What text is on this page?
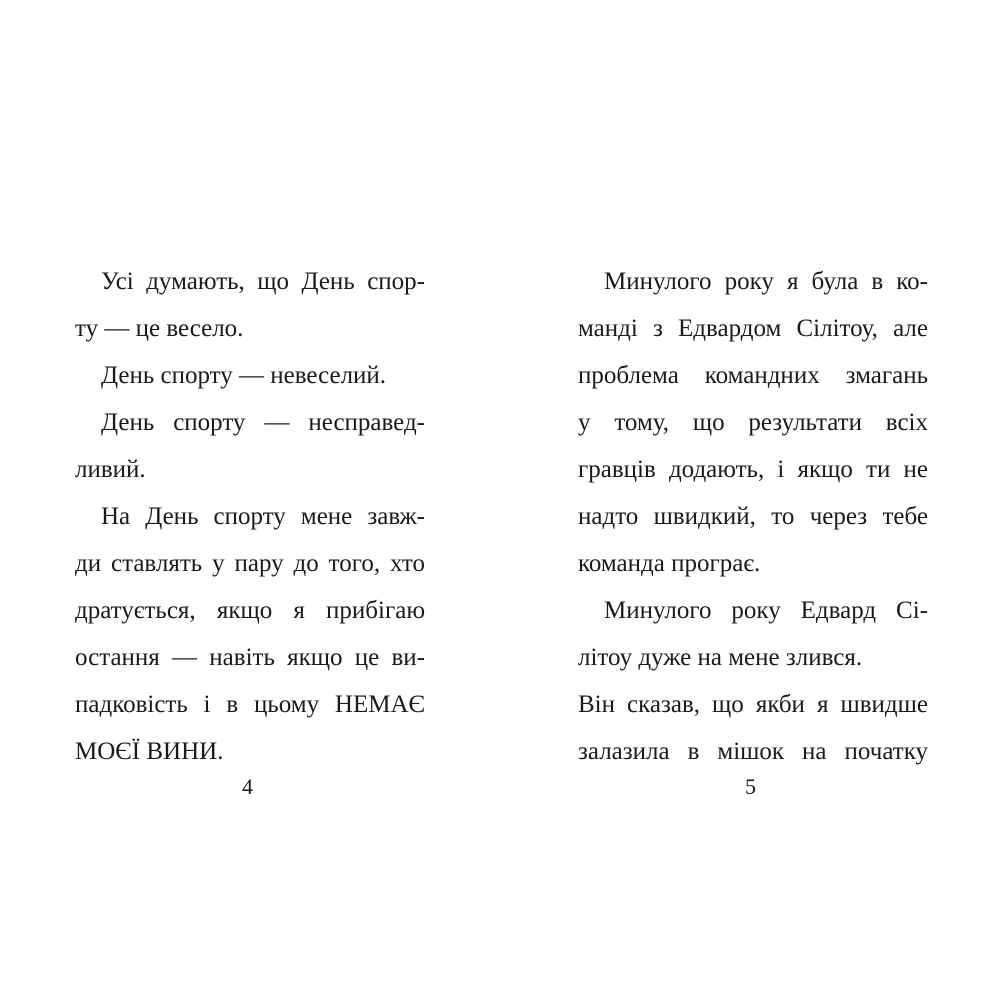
Усі думають, що День спор-
ту — це весело.
День спорту — невеселий.
День спорту — несправед-
ливий.
На День спорту мене завж-
ди ставлять у пару до того, хто
дратується, якщо я прибігаю
остання — навіть якщо це ви-
падковість і в цьому НЕМАЄ
МОЄЇ ВИНИ.
4
Минулого року я була в ко-
манді з Едвардом Сілітоу, але
проблема командних змагань
у тому, що результати всіх
гравців додають, і якщо ти не
надто швидкий, то через тебе
команда програє.
Минулого року Едвард Сі-
літоу дуже на мене злився.
Він сказав, що якби я швидше
залазила в мішок на початку
5
